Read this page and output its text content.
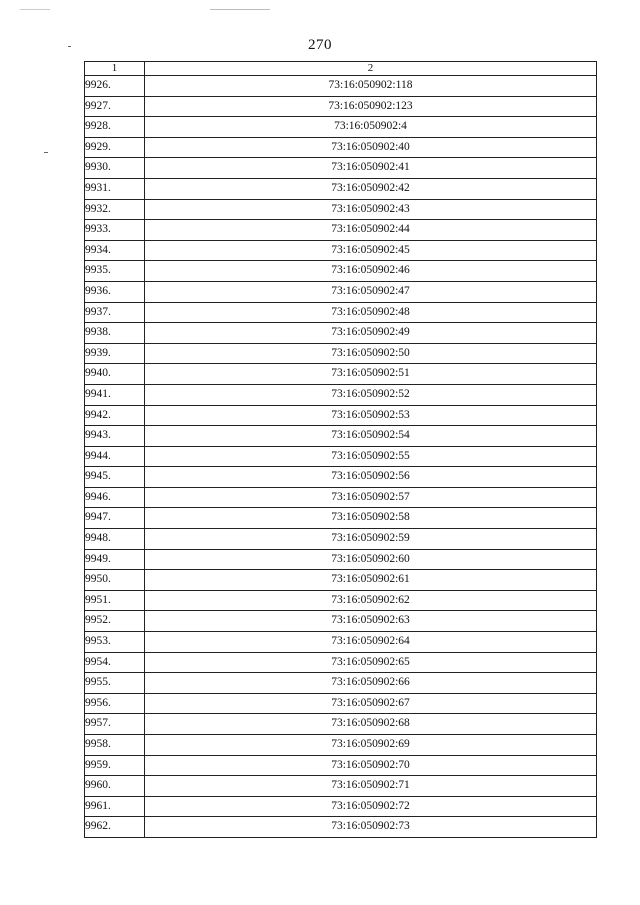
270
1	2
9926.	73:16:050902:118
9927.	73:16:050902:123
9928.	73:16:050902:4
9929.	73:16:050902:40
9930.	73:16:050902:41
9931.	73:16:050902:42
9932.	73:16:050902:43
9933.	73:16:050902:44
9934.	73:16:050902:45
9935.	73:16:050902:46
9936.	73:16:050902:47
9937.	73:16:050902:48
9938.	73:16:050902:49
9939.	73:16:050902:50
9940.	73:16:050902:51
9941.	73:16:050902:52
9942.	73:16:050902:53
9943.	73:16:050902:54
9944.	73:16:050902:55
9945.	73:16:050902:56
9946.	73:16:050902:57
9947.	73:16:050902:58
9948.	73:16:050902:59
9949.	73:16:050902:60
9950.	73:16:050902:61
9951.	73:16:050902:62
9952.	73:16:050902:63
9953.	73:16:050902:64
9954.	73:16:050902:65
9955.	73:16:050902:66
9956.	73:16:050902:67
9957.	73:16:050902:68
9958.	73:16:050902:69
9959.	73:16:050902:70
9960.	73:16:050902:71
9961.	73:16:050902:72
9962.	73:16:050902:73
